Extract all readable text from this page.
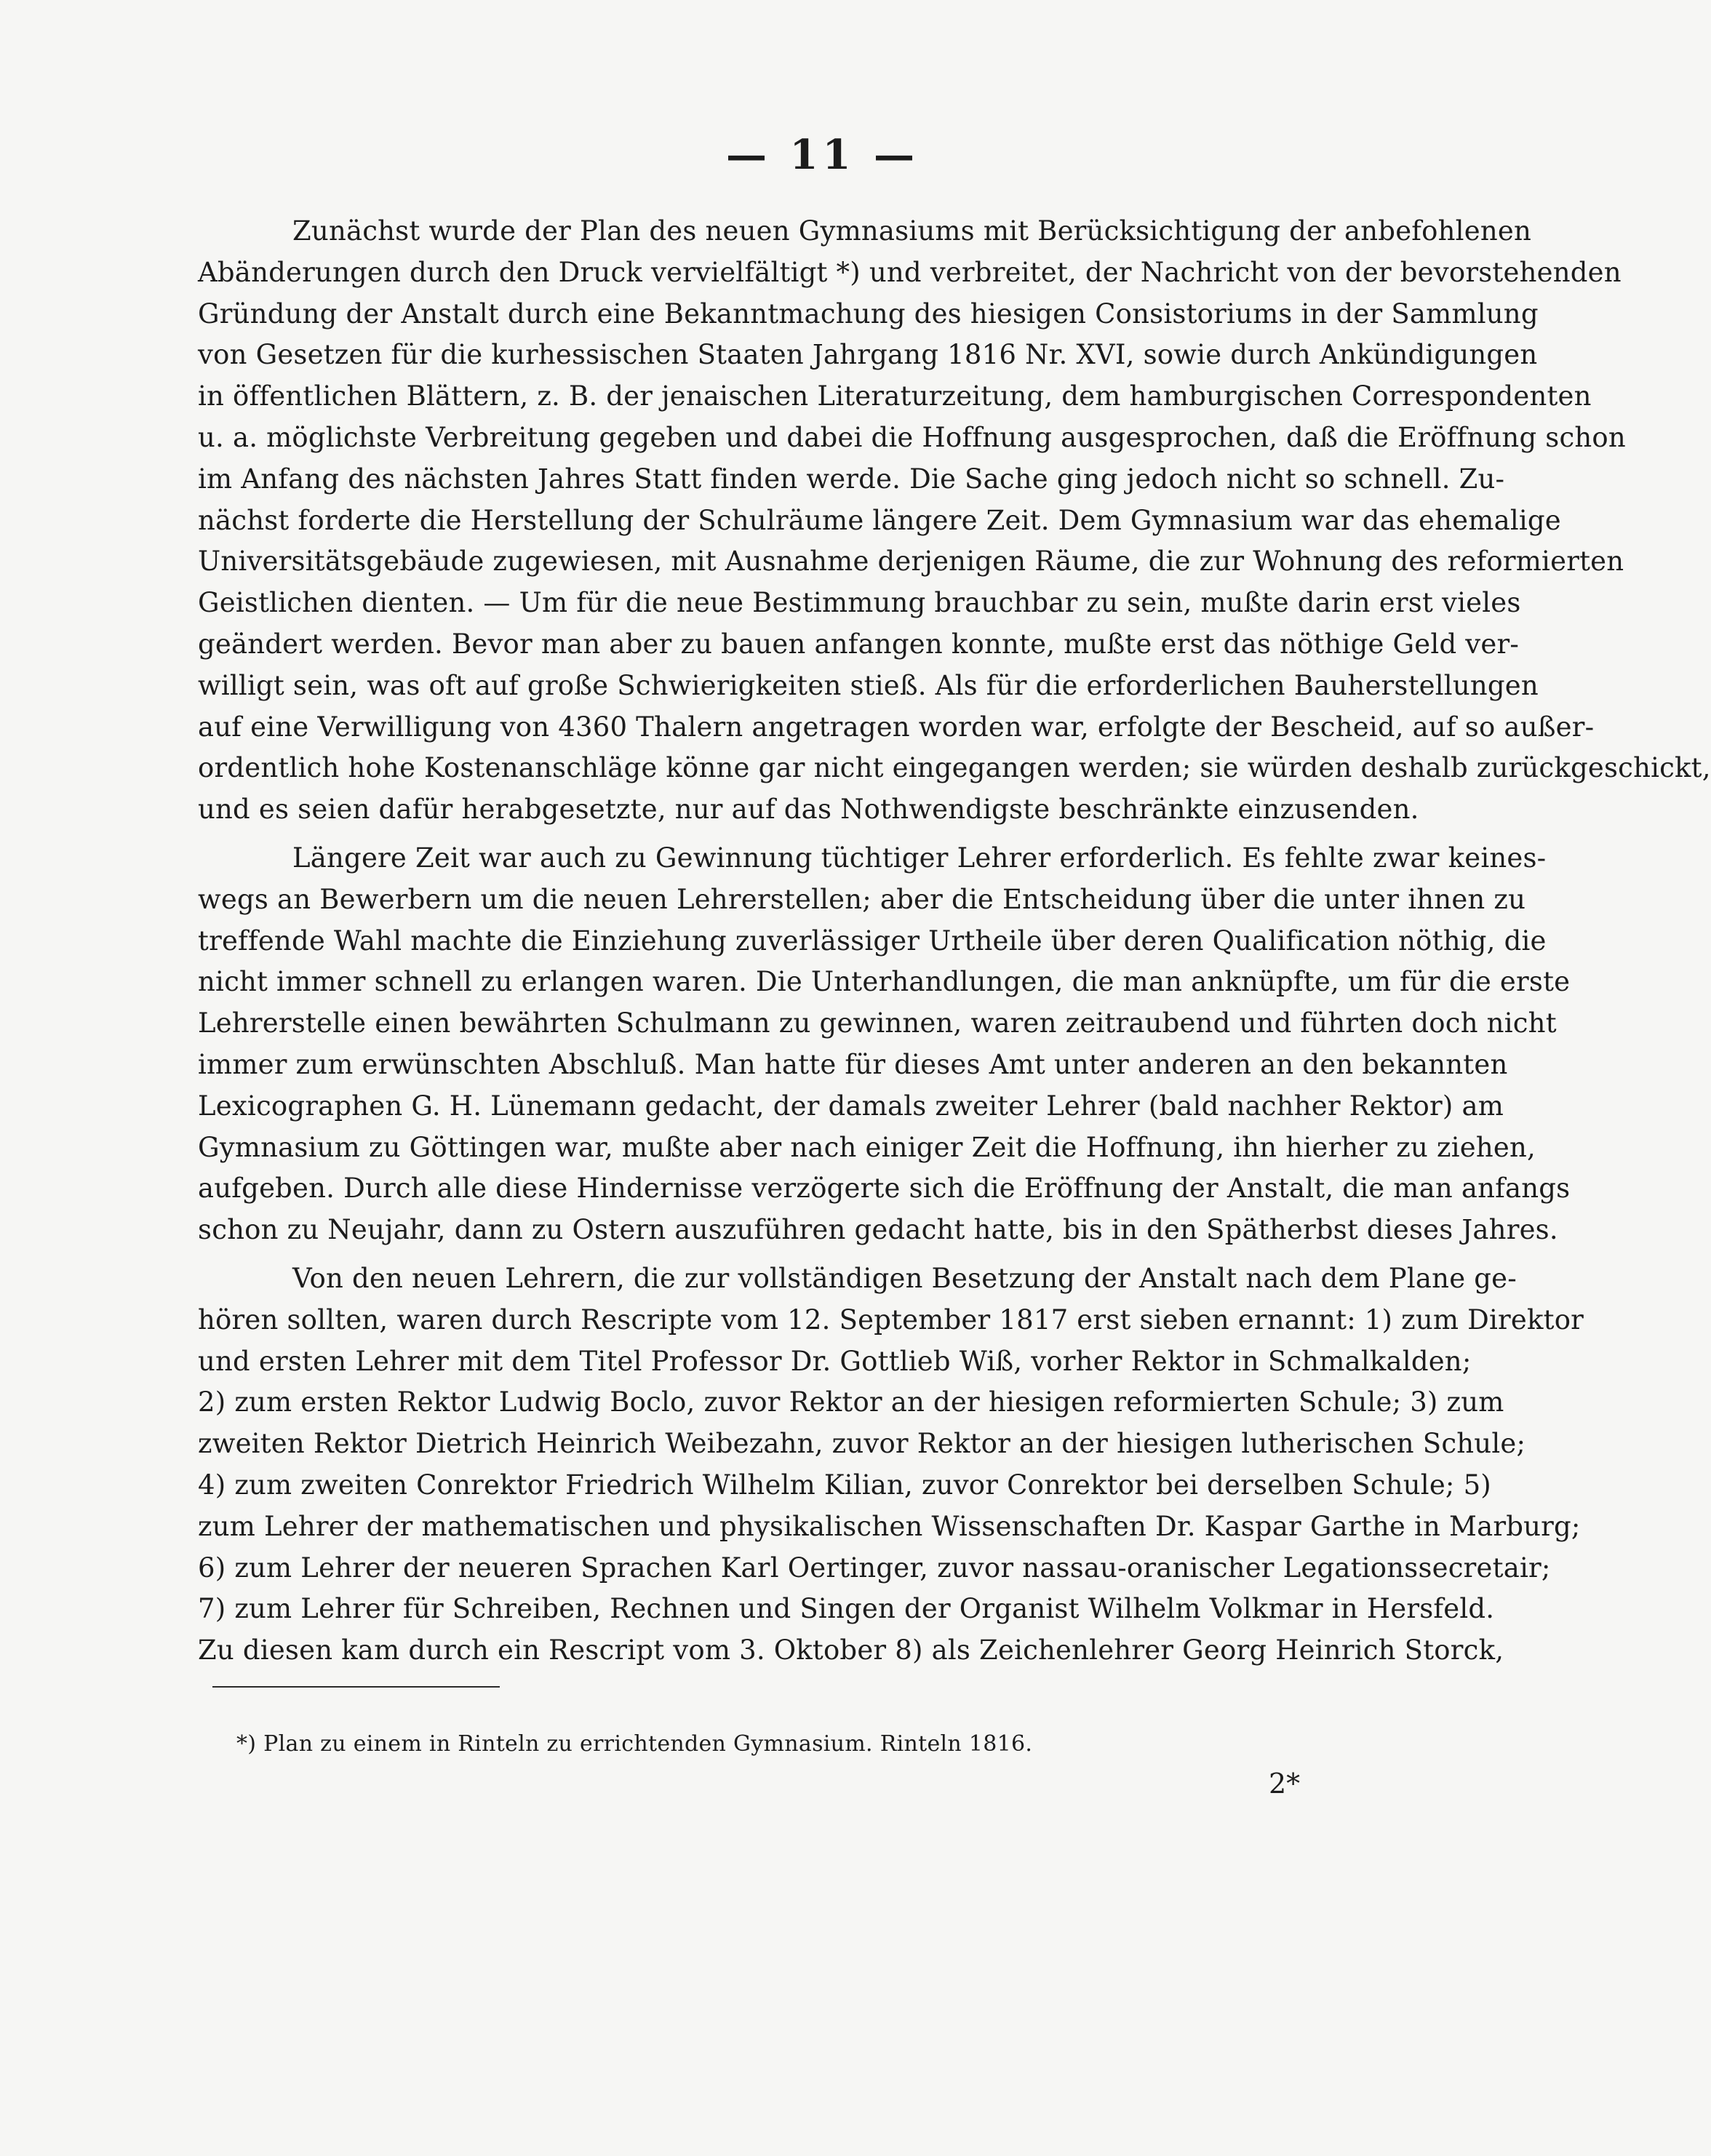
— 11 —
Zunächst wurde der Plan des neuen Gymnasiums mit Berücksichtigung der anbefohlenen
Abänderungen durch den Druck vervielfältigt *) und verbreitet, der Nachricht von der bevorstehenden
Gründung der Anstalt durch eine Bekanntmachung des hiesigen Consistoriums in der Sammlung
von Gesetzen für die kurhessischen Staaten Jahrgang 1816 Nr. XVI, sowie durch Ankündigungen
in öffentlichen Blättern, z. B. der jenaischen Literaturzeitung, dem hamburgischen Correspondenten
u. a. möglichste Verbreitung gegeben und dabei die Hoffnung ausgesprochen, daß die Eröffnung schon
im Anfang des nächsten Jahres Statt finden werde. Die Sache ging jedoch nicht so schnell. Zu-
nächst forderte die Herstellung der Schulräume längere Zeit. Dem Gymnasium war das ehemalige
Universitätsgebäude zugewiesen, mit Ausnahme derjenigen Räume, die zur Wohnung des reformierten
Geistlichen dienten. — Um für die neue Bestimmung brauchbar zu sein, mußte darin erst vieles
geändert werden. Bevor man aber zu bauen anfangen konnte, mußte erst das nöthige Geld ver-
willigt sein, was oft auf große Schwierigkeiten stieß. Als für die erforderlichen Bauherstellungen
auf eine Verwilligung von 4360 Thalern angetragen worden war, erfolgte der Bescheid, auf so außer-
ordentlich hohe Kostenanschläge könne gar nicht eingegangen werden; sie würden deshalb zurückgeschickt,
und es seien dafür herabgesetzte, nur auf das Nothwendigste beschränkte einzusenden.
Längere Zeit war auch zu Gewinnung tüchtiger Lehrer erforderlich. Es fehlte zwar keines-
wegs an Bewerbern um die neuen Lehrerstellen; aber die Entscheidung über die unter ihnen zu
treffende Wahl machte die Einziehung zuverlässiger Urtheile über deren Qualification nöthig, die
nicht immer schnell zu erlangen waren. Die Unterhandlungen, die man anknüpfte, um für die erste
Lehrerstelle einen bewährten Schulmann zu gewinnen, waren zeitraubend und führten doch nicht
immer zum erwünschten Abschluß. Man hatte für dieses Amt unter anderen an den bekannten
Lexicographen G. H. Lünemann gedacht, der damals zweiter Lehrer (bald nachher Rektor) am
Gymnasium zu Göttingen war, mußte aber nach einiger Zeit die Hoffnung, ihn hierher zu ziehen,
aufgeben. Durch alle diese Hindernisse verzögerte sich die Eröffnung der Anstalt, die man anfangs
schon zu Neujahr, dann zu Ostern auszuführen gedacht hatte, bis in den Spätherbst dieses Jahres.
Von den neuen Lehrern, die zur vollständigen Besetzung der Anstalt nach dem Plane ge-
hören sollten, waren durch Rescripte vom 12. September 1817 erst sieben ernannt: 1) zum Direktor
und ersten Lehrer mit dem Titel Professor Dr. Gottlieb Wiß, vorher Rektor in Schmalkalden;
2) zum ersten Rektor Ludwig Boclo, zuvor Rektor an der hiesigen reformierten Schule; 3) zum
zweiten Rektor Dietrich Heinrich Weibezahn, zuvor Rektor an der hiesigen lutherischen Schule;
4) zum zweiten Conrektor Friedrich Wilhelm Kilian, zuvor Conrektor bei derselben Schule; 5)
zum Lehrer der mathematischen und physikalischen Wissenschaften Dr. Kaspar Garthe in Marburg;
6) zum Lehrer der neueren Sprachen Karl Oertinger, zuvor nassau-oranischer Legationssecretair;
7) zum Lehrer für Schreiben, Rechnen und Singen der Organist Wilhelm Volkmar in Hersfeld.
Zu diesen kam durch ein Rescript vom 3. Oktober 8) als Zeichenlehrer Georg Heinrich Storck,
*) Plan zu einem in Rinteln zu errichtenden Gymnasium. Rinteln 1816.
2*
